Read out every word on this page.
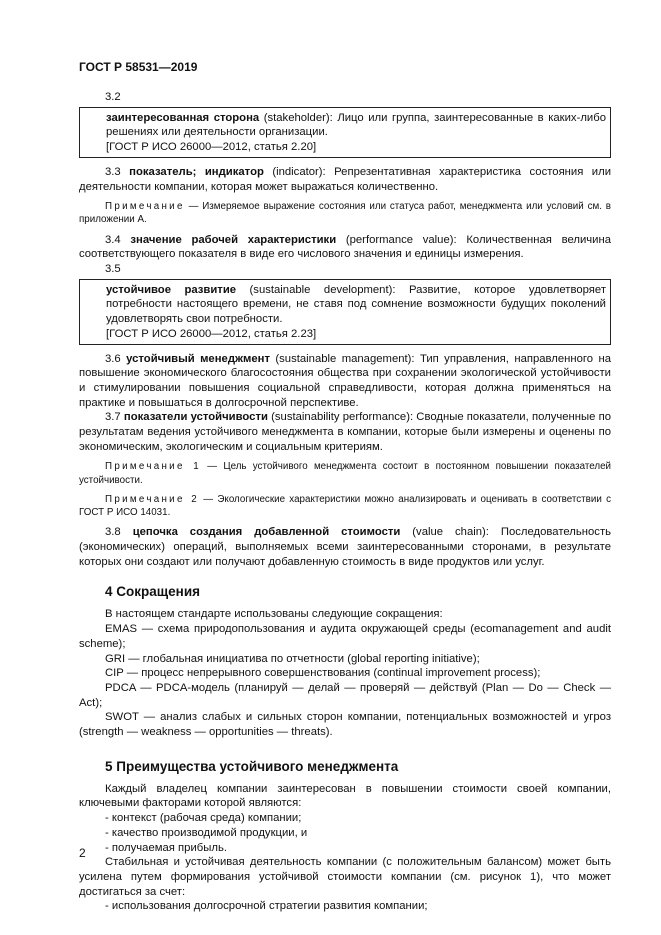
ГОСТ Р 58531—2019

3.2

заинтересованная сторона (stakeholder): Лицо или группа, заинтересованные в каких-либо решениях или деятельности организации.

[ГОСТ Р ИСО 26000—2012, статья 2.20]

3.3 показатель; индикатор (indicator): Репрезентативная характеристика состояния или деятельности компании, которая может выражаться количественно.

Примечание — Измеряемое выражение состояния или статуса работ, менеджмента или условий см. в приложении А.

3.4 значение рабочей характеристики (performance value): Количественная величина соответствующего показателя в виде его числового значения и единицы измерения.

3.5

устойчивое развитие (sustainable development): Развитие, которое удовлетворяет потребности настоящего времени, не ставя под сомнение возможности будущих поколений удовлетворять свои потребности.

[ГОСТ Р ИСО 26000—2012, статья 2.23]

3.6 устойчивый менеджмент (sustainable management): Тип управления, направленного на повышение экономического благосостояния общества при сохранении экологической устойчивости и стимулировании повышения социальной справедливости, которая должна применяться на практике и повышаться в долгосрочной перспективе.

3.7 показатели устойчивости (sustainability performance): Сводные показатели, полученные по результатам ведения устойчивого менеджмента в компании, которые были измерены и оценены по экономическим, экологическим и социальным критериям.

Примечание 1 — Цель устойчивого менеджмента состоит в постоянном повышении показателей устойчивости.

Примечание 2 — Экологические характеристики можно анализировать и оценивать в соответствии с ГОСТ Р ИСО 14031.

3.8 цепочка создания добавленной стоимости (value chain): Последовательность (экономических) операций, выполняемых всеми заинтересованными сторонами, в результате которых они создают или получают добавленную стоимость в виде продуктов или услуг.

4 Сокращения

В настоящем стандарте использованы следующие сокращения:

EMAS — схема природопользования и аудита окружающей среды (ecomanagement and audit scheme);

GRI — глобальная инициатива по отчетности (global reporting initiative);

CIP — процесс непрерывного совершенствования (continual improvement process);

PDCA — PDCA-модель (планируй — делай — проверяй — действуй (Plan — Do — Check — Act);

SWOT — анализ слабых и сильных сторон компании, потенциальных возможностей и угроз (strength — weakness — opportunities — threats).

5 Преимущества устойчивого менеджмента

Каждый владелец компании заинтересован в повышении стоимости своей компании, ключевыми факторами которой являются:

- контекст (рабочая среда) компании;

- качество производимой продукции, и

- получаемая прибыль.

Стабильная и устойчивая деятельность компании (с положительным балансом) может быть усилена путем формирования устойчивой стоимости компании (см. рисунок 1), что может достигаться за счет:

- использования долгосрочной стратегии развития компании;

2
